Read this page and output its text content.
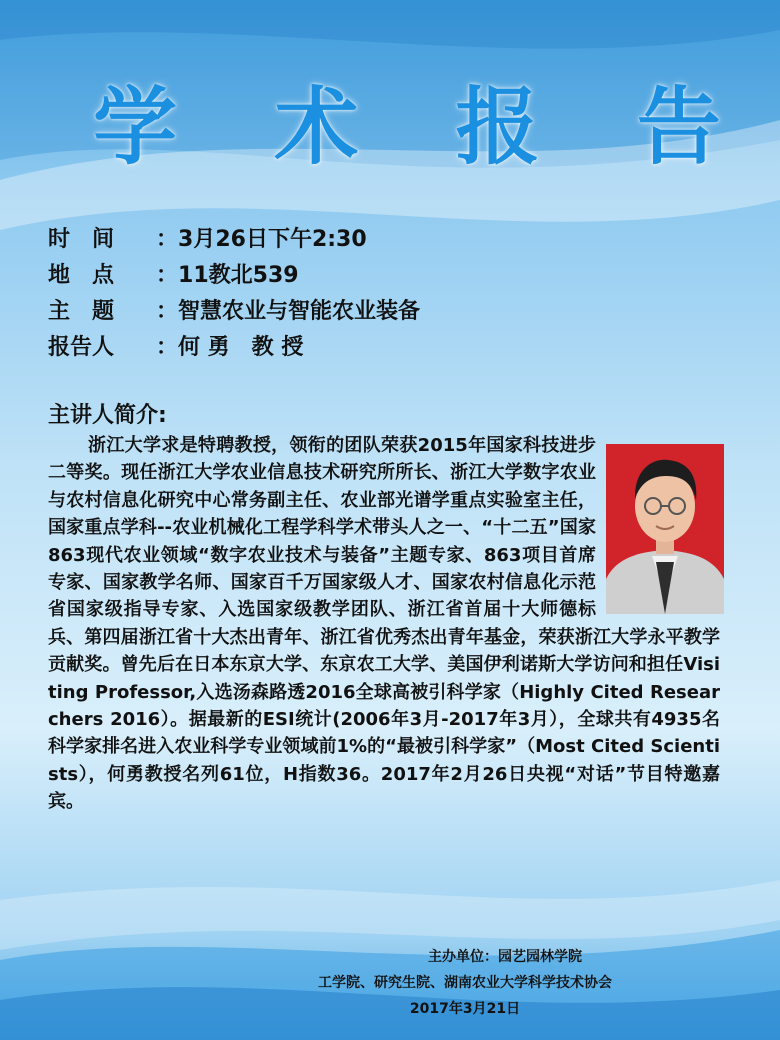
学 术 报 告
时　间	： 3月26日下午2:30
地　点	： 11教北539
主　题	： 智慧农业与智能农业装备
报告人	： 何 勇　教 授
主讲人简介:
浙江大学求是特聘教授，领衔的团队荣获2015年国家科技进步二等奖。现任浙江大学农业信息技术研究所所长、浙江大学数字农业与农村信息化研究中心常务副主任、农业部光谱学重点实验室主任，国家重点学科--农业机械化工程学科学术带头人之一、“十二五”国家863现代农业领域“数字农业技术与装备”主题专家、863项目首席专家、国家教学名师、国家百千万国家级人才、国家农村信息化示范省国家级指导专家、入选国家级教学团队、浙江省首届十大师德标兵、第四届浙江省十大杰出青年、浙江省优秀杰出青年基金，荣获浙江大学永平教学贡献奖。曾先后在日本东京大学、东京农工大学、美国伊利诺斯大学访问和担任Visiting Professor,入选汤森路透2016全球高被引科学家（Highly Cited Researchers 2016）。据最新的ESI统计(2006年3月-2017年3月），全球共有4935名科学家排名进入农业科学专业领域前1%的“最被引科学家”（Most Cited Scientists），何勇教授名列61位，H指数36。2017年2月26日央视“对话”节目特邀嘉宾。
主办单位：园艺园林学院
工学院、研究生院、湖南农业大学科学技术协会
2017年3月21日
